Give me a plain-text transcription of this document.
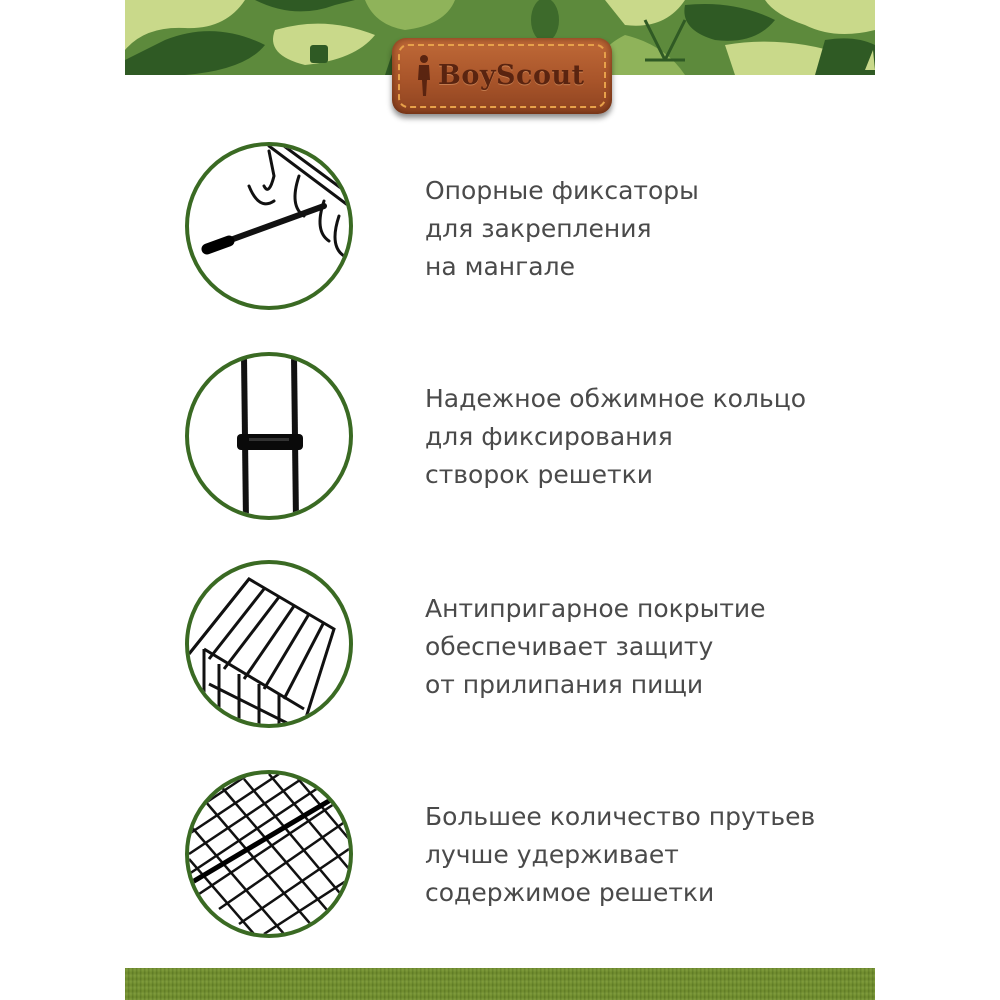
BoyScout
Опорные фиксаторы
для закрепления
на мангале
Надежное обжимное кольцо
для фиксирования
створок решетки
Антипригарное покрытие
обеспечивает защиту
от прилипания пищи
Большее количество прутьев
лучше удерживает
содержимое решетки
